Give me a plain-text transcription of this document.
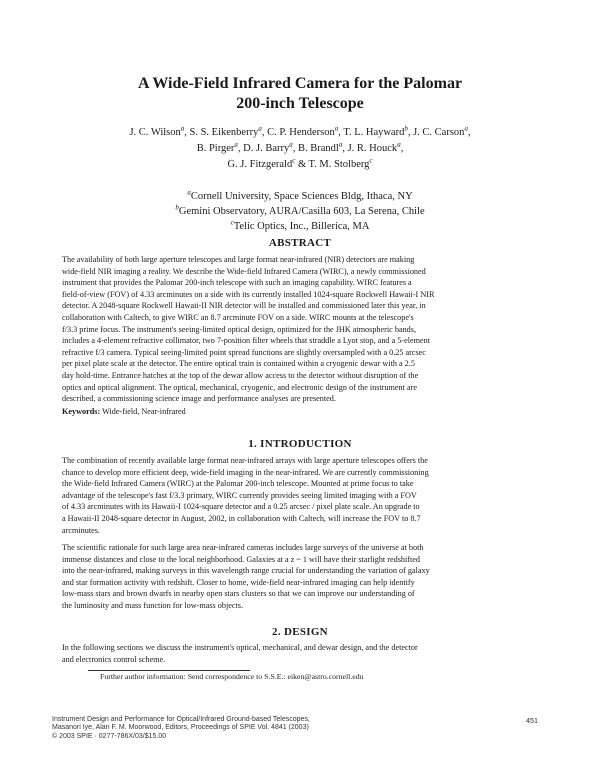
A Wide-Field Infrared Camera for the Palomar
200-inch Telescope
J. C. Wilson$^a$, S. S. Eikenberry$^a$, C. P. Henderson$^a$, T. L. Hayward$^b$, J. C. Carson$^a$,
B. Pirger$^a$, D. J. Barry$^a$, B. Brandl$^a$, J. R. Houck$^a$,
G. J. Fitzgerald$^c$ & T. M. Stolberg$^c$
$^a$Cornell University, Space Sciences Bldg, Ithaca, NY
$^b$Gemini Observatory, AURA/Casilla 603, La Serena, Chile
$^c$Telic Optics, Inc., Billerica, MA
ABSTRACT
The availability of both large aperture telescopes and large format near-infrared (NIR) detectors are making
wide-field NIR imaging a reality. We describe the Wide-field Infrared Camera (WIRC), a newly commissioned
instrument that provides the Palomar 200-inch telescope with such an imaging capability. WIRC features a
field-of-view (FOV) of 4.33 arcminutes on a side with its currently installed 1024-square Rockwell Hawaii-I NIR
detector. A 2048-square Rockwell Hawaii-II NIR detector will be installed and commissioned later this year, in
collaboration with Caltech, to give WIRC an 8.7 arcminute FOV on a side. WIRC mounts at the telescope's
f/3.3 prime focus. The instrument's seeing-limited optical design, optimized for the JHK atmospheric bands,
includes a 4-element refractive collimator, two 7-position filter wheels that straddle a Lyot stop, and a 5-element
refractive f/3 camera. Typical seeing-limited point spread functions are slightly oversampled with a 0.25 arcsec
per pixel plate scale at the detector. The entire optical train is contained within a cryogenic dewar with a 2.5
day hold-time. Entrance hatches at the top of the dewar allow access to the detector without disruption of the
optics and optical alignment. The optical, mechanical, cryogenic, and electronic design of the instrument are
described, a commissioning science image and performance analyses are presented.
Keywords: Wide-field, Near-infrared
1. INTRODUCTION
The combination of recently available large format near-infrared arrays with large aperture telescopes offers the
chance to develop more efficient deep, wide-field imaging in the near-infrared. We are currently commissioning
the Wide-field Infrared Camera (WIRC) at the Palomar 200-inch telescope. Mounted at prime focus to take
advantage of the telescope's fast f/3.3 primary, WIRC currently provides seeing limited imaging with a FOV
of 4.33 arcminutes with its Hawaii-I 1024-square detector and a 0.25 arcsec / pixel plate scale. An upgrade to
a Hawaii-II 2048-square detector in August, 2002, in collaboration with Caltech, will increase the FOV to 8.7
arcminutes.
The scientific rationale for such large area near-infrared cameras includes large surveys of the universe at both
immense distances and close to the local neighborhood. Galaxies at a z ~ 1 will have their starlight redshifted
into the near-infrared, making surveys in this wavelength range crucial for understanding the variation of galaxy
and star formation activity with redshift. Closer to home, wide-field near-infrared imaging can help identify
low-mass stars and brown dwarfs in nearby open stars clusters so that we can improve our understanding of
the luminosity and mass function for low-mass objects.
2. DESIGN
In the following sections we discuss the instrument's optical, mechanical, and dewar design, and the detector
and electronics control scheme.
Further author information: Send correspondence to S.S.E.: eiken@astro.cornell.edu
Instrument Design and Performance for Optical/Infrared Ground-based Telescopes,
Masanori Iye, Alan F. M. Moorwood, Editors, Proceedings of SPIE Vol. 4841 (2003)
© 2003 SPIE · 0277-786X/03/$15.00
451
